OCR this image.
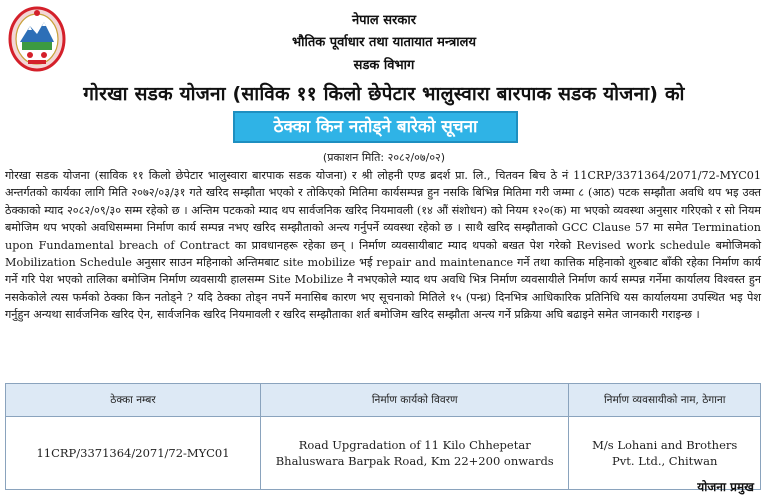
नेपाल सरकार
भौतिक पूर्वाधार तथा यातायात मन्त्रालय
सडक विभाग
गोरखा सडक योजना (साविक ११ किलो छेपेटार भालुस्वारा बारपाक सडक योजना) को
ठेक्का किन नतोड्ने बारेको सूचना
(प्रकाशन मिति: २०८२/०७/०२)

गोरखा सडक योजना (साविक ११ किलो छेपेटार भालुस्वारा बारपाक सडक योजना) र श्री लोहनी एण्ड ब्रदर्श प्रा. लि., चितवन बिच ठे नं 11CRP/3371364/2071/72-MYC01 अन्तर्गतको कार्यका लागि मिति २०७२/०३/३१ गते खरिद सम्झौता भएको र तोकिएको मितिमा कार्यसम्पन्न हुन नसकि बिभिन्न मितिमा गरी जम्मा ८ (आठ) पटक सम्झौता अवधि थप भइ उक्त ठेक्काको म्याद २०८२/०९/३० सम्म रहेको छ । अन्तिम पटकको म्याद थप सार्वजनिक खरिद नियमावली (१४ औं संशोधन) को नियम १२०(क) मा भएको व्यवस्था अनुसार गरिएको र सो नियम बमोजिम थप भएको अवधिसम्ममा निर्माण कार्य सम्पन्न नभए खरिद सम्झौताको अन्त्य गर्नुपर्ने व्यवस्था रहेको छ । साथै खरिद सम्झौताको GCC Clause 57 मा समेत Termination upon Fundamental breach of Contract का प्रावधानहरू रहेका छन् । निर्माण व्यवसायीबाट म्याद थपको बखत पेश गरेको Revised work schedule बमोजिमको Mobilization Schedule अनुसार साउन महिनाको अन्तिमबाट site mobilize भई repair and maintenance गर्ने तथा कात्तिक महिनाको शुरुबाट बाँकी रहेका निर्माण कार्य गर्ने गरि पेश भएको तालिका बमोजिम निर्माण व्यवसायी हालसम्म Site Mobilize नै नभएकोले म्याद थप अवधि भित्र निर्माण व्यवसायीले निर्माण कार्य सम्पन्न गर्नेमा कार्यालय विश्वस्त हुन नसकेकोले त्यस फर्मको ठेक्का किन नतोड्ने ? यदि ठेक्का तोड्न नपर्ने मनासिब कारण भए सूचनाको मितिले १५ (पन्ध्र) दिनभित्र आधिकारिक प्रतिनिधि यस कार्यालयमा उपस्थित भइ पेश गर्नुहुन अन्यथा सार्वजनिक खरिद ऐन, सार्वजनिक खरिद नियमावली र खरिद सम्झौताका शर्त बमोजिम खरिद सम्झौता अन्त्य गर्ने प्रक्रिया अघि बढाइने समेत जानकारी गराइन्छ ।

ठेक्का नम्बर	निर्माण कार्यको विवरण	निर्माण व्यवसायीको नाम, ठेगाना
11CRP/3371364/2071/72-MYC01	Road Upgradation of 11 Kilo Chhepetar Bhaluswara Barpak Road, Km 22+200 onwards	M/s Lohani and Brothers Pvt. Ltd., Chitwan
योजना प्रमुख
